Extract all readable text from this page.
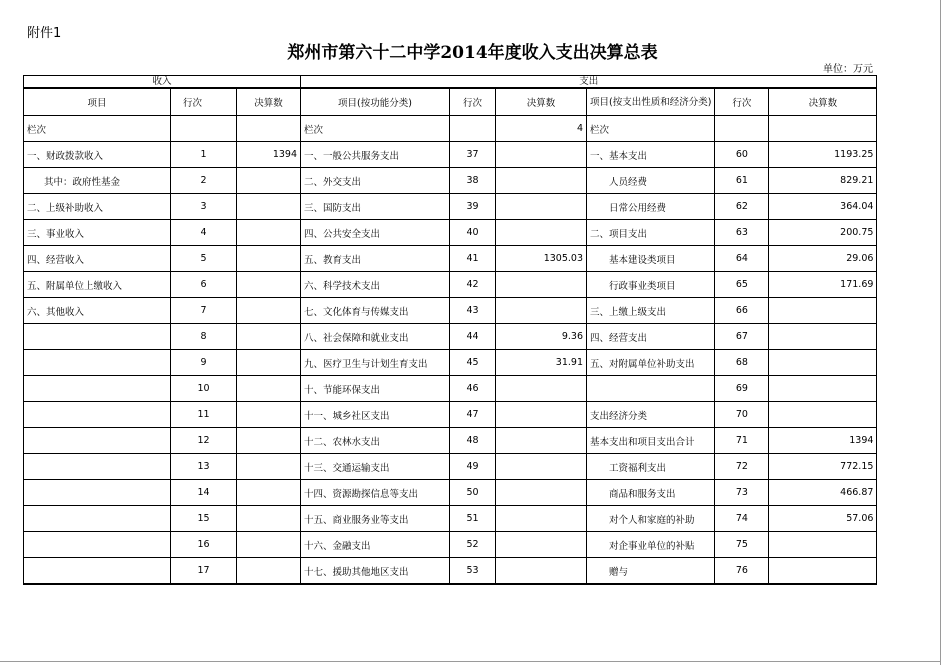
附件1
郑州市第六十二中学2014年度收入支出决算总表
单位：万元
收入			支出					
项目	行次	决算数	项目(按功能分类)	行次	决算数	项目(按支出性质和经济分类)	行次	决算数
栏次			栏次		4	栏次		
一、财政拨款收入	1	1394	一、一般公共服务支出	37		一、基本支出	60	1193.25
其中：政府性基金	2		二、外交支出	38		人员经费	61	829.21
二、上级补助收入	3		三、国防支出	39		日常公用经费	62	364.04
三、事业收入	4		四、公共安全支出	40		二、项目支出	63	200.75
四、经营收入	5		五、教育支出	41	1305.03	基本建设类项目	64	29.06
五、附属单位上缴收入	6		六、科学技术支出	42		行政事业类项目	65	171.69
六、其他收入	7		七、文化体育与传媒支出	43		三、上缴上级支出	66	
	8		八、社会保障和就业支出	44	9.36	四、经营支出	67	
	9		九、医疗卫生与计划生育支出	45	31.91	五、对附属单位补助支出	68	
	10		十、节能环保支出	46			69	
	11		十一、城乡社区支出	47		支出经济分类	70	
	12		十二、农林水支出	48		基本支出和项目支出合计	71	1394
	13		十三、交通运输支出	49		工资福利支出	72	772.15
	14		十四、资源勘探信息等支出	50		商品和服务支出	73	466.87
	15		十五、商业服务业等支出	51		对个人和家庭的补助	74	57.06
	16		十六、金融支出	52		对企事业单位的补贴	75	
	17		十七、援助其他地区支出	53		赠与	76	
